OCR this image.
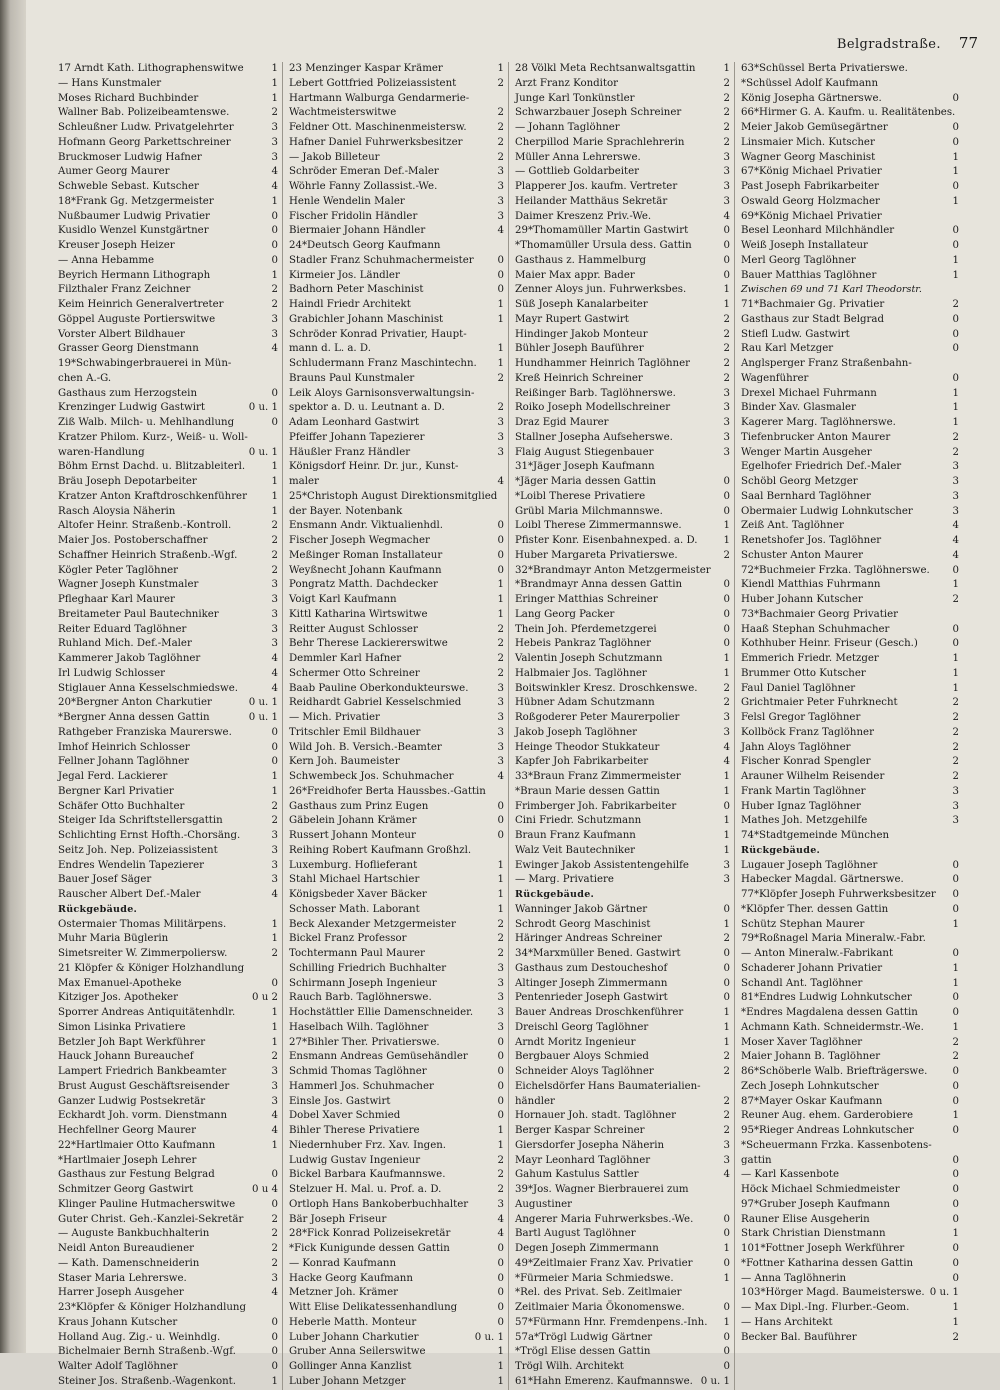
Belgradstraße. 77
17 Arndt Kath. Lithographenswitwe	1
— Hans Kunstmaler	1
Moses Richard Buchbinder	1
Wallner Bab. Polizeibeamtenswe.	2
Schleußner Ludw. Privatgelehrter	3
Hofmann Georg Parkettschreiner	3
Bruckmoser Ludwig Hafner	3
Aumer Georg Maurer	4
Schweble Sebast. Kutscher	4
18*Frank Gg. Metzgermeister	1
Nußbaumer Ludwig Privatier	0
Kusidlo Wenzel Kunstgärtner	0
Kreuser Joseph Heizer	0
— Anna Hebamme	0
Beyrich Hermann Lithograph	1
Filzthaler Franz Zeichner	2
Keim Heinrich Generalvertreter	2
Göppel Auguste Portierswitwe	3
Vorster Albert Bildhauer	3
Grasser Georg Dienstmann	4
19*Schwabingerbrauerei in Mün-
chen A.-G.
Gasthaus zum Herzogstein	0
Krenzinger Ludwig Gastwirt	0 u. 1
Ziß Walb. Milch- u. Mehlhandlung	0
Kratzer Philom. Kurz-, Weiß- u. Woll-
waren-Handlung	0 u. 1
Böhm Ernst Dachd. u. Blitzableiterl.	1
Bräu Joseph Depotarbeiter	1
Kratzer Anton Kraftdroschkenführer	1
Rasch Aloysia Näherin	1
Altofer Heinr. Straßenb.-Kontroll.	2
Maier Jos. Postoberschaffner	2
Schaffner Heinrich Straßenb.-Wgf.	2
Kögler Peter Taglöhner	2
Wagner Joseph Kunstmaler	3
Pfleghaar Karl Maurer	3
Breitameter Paul Bautechniker	3
Reiter Eduard Taglöhner	3
Ruhland Mich. Def.-Maler	3
Kammerer Jakob Taglöhner	4
Irl Ludwig Schlosser	4
Stiglauer Anna Kesselschmiedswe.	4
20*Bergner Anton Charkutier	0 u. 1
*Bergner Anna dessen Gattin	0 u. 1
Rathgeber Franziska Maurerswe.	0
Imhof Heinrich Schlosser	0
Fellner Johann Taglöhner	0
Jegal Ferd. Lackierer	1
Bergner Karl Privatier	1
Schäfer Otto Buchhalter	2
Steiger Ida Schriftstellersgattin	2
Schlichting Ernst Hofth.-Chorsäng.	3
Seitz Joh. Nep. Polizeiassistent	3
Endres Wendelin Tapezierer	3
Bauer Josef Säger	3
Rauscher Albert Def.-Maler	4
Rückgebäude.
Ostermaier Thomas Militärpens.	1
Muhr Maria Büglerin	1
Simetsreiter W. Zimmerpoliersw.	2
21 Klöpfer & Königer Holzhandlung
Max Emanuel-Apotheke	0
Kitziger Jos. Apotheker	0 u 2
Sporrer Andreas Antiquitätenhdlr.	1
Simon Lisinka Privatiere	1
Betzler Joh Bapt Werkführer	1
Hauck Johann Bureauchef	2
Lampert Friedrich Bankbeamter	3
Brust August Geschäftsreisender	3
Ganzer Ludwig Postsekretär	3
Eckhardt Joh. vorm. Dienstmann	4
Hechfellner Georg Maurer	4
22*Hartlmaier Otto Kaufmann	1
*Hartlmaier Joseph Lehrer
Gasthaus zur Festung Belgrad	0
Schmitzer Georg Gastwirt	0 u 4
Klinger Pauline Hutmacherswitwe	0
Guter Christ. Geh.-Kanzlei-Sekretär	2
— Auguste Bankbuchhalterin	2
Neidl Anton Bureaudiener	2
— Kath. Damenschneiderin	2
Staser Maria Lehrerswe.	3
Harrer Joseph Ausgeher	4
23*Klöpfer & Königer Holzhandlung
Kraus Johann Kutscher	0
Holland Aug. Zig.- u. Weinhdlg.	0
Bichelmaier Bernh Straßenb.-Wgf.	0
Walter Adolf Taglöhner	0
Steiner Jos. Straßenb.-Wagenkont.	1
23 Menzinger Kaspar Krämer	1
Lebert Gottfried Polizeiassistent	2
Hartmann Walburga Gendarmerie-
Wachtmeisterswitwe	2
Feldner Ott. Maschinenmeistersw.	2
Hafner Daniel Fuhrwerksbesitzer	2
— Jakob Billeteur	2
Schröder Emeran Def.-Maler	3
Wöhrle Fanny Zollassist.-We.	3
Henle Wendelin Maler	3
Fischer Fridolin Händler	3
Biermaier Johann Händler	4
24*Deutsch Georg Kaufmann
Stadler Franz Schuhmachermeister	0
Kirmeier Jos. Ländler	0
Badhorn Peter Maschinist	0
Haindl Friedr Architekt	1
Grabichler Johann Maschinist	1
Schröder Konrad Privatier, Haupt-
mann d. L. a. D.	1
Schludermann Franz Maschintechn.	1
Brauns Paul Kunstmaler	2
Leik Aloys Garnisonsverwaltungsin-
spektor a. D. u. Leutnant a. D.	2
Adam Leonhard Gastwirt	3
Pfeiffer Johann Tapezierer	3
Häußler Franz Händler	3
Königsdorf Heinr. Dr. jur., Kunst-
maler	4
25*Christoph August Direktionsmitglied
der Bayer. Notenbank
Ensmann Andr. Viktualienhdl.	0
Fischer Joseph Wegmacher	0
Meßinger Roman Installateur	0
Weyßnecht Johann Kaufmann	0
Pongratz Matth. Dachdecker	1
Voigt Karl Kaufmann	1
Kittl Katharina Wirtswitwe	1
Reitter August Schlosser	2
Behr Therese Lackiererswitwe	2
Demmler Karl Hafner	2
Schermer Otto Schreiner	2
Baab Pauline Oberkondukteurswe.	3
Reidhardt Gabriel Kesselschmied	3
— Mich. Privatier	3
Tritschler Emil Bildhauer	3
Wild Joh. B. Versich.-Beamter	3
Kern Joh. Baumeister	3
Schwembeck Jos. Schuhmacher	4
26*Freidhofer Berta Haussbes.-Gattin
Gasthaus zum Prinz Eugen	0
Gäbelein Johann Krämer	0
Russert Johann Monteur	0
Reihing Robert Kaufmann Großhzl.
Luxemburg. Hoflieferant	1
Stahl Michael Hartschier	1
Königsbeder Xaver Bäcker	1
Schosser Math. Laborant	1
Beck Alexander Metzgermeister	2
Bickel Franz Professor	2
Tochtermann Paul Maurer	2
Schilling Friedrich Buchhalter	3
Schirmann Joseph Ingenieur	3
Rauch Barb. Taglöhnerswe.	3
Hochstättler Ellie Damenschneider.	3
Haselbach Wilh. Taglöhner	3
27*Bihler Ther. Privatierswe.	0
Ensmann Andreas Gemüsehändler	0
Schmid Thomas Taglöhner	0
Hammerl Jos. Schuhmacher	0
Einsle Jos. Gastwirt	0
Dobel Xaver Schmied	0
Bihler Therese Privatiere	1
Niedernhuber Frz. Xav. Ingen.	1
Ludwig Gustav Ingenieur	2
Bickel Barbara Kaufmannswe.	2
Stelzuer H. Mal. u. Prof. a. D.	2
Ortloph Hans Bankoberbuchhalter	3
Bär Joseph Friseur	4
28*Fick Konrad Polizeisekretär	4
*Fick Kunigunde dessen Gattin	0
— Konrad Kaufmann	0
Hacke Georg Kaufmann	0
Metzner Joh. Krämer	0
Witt Elise Delikatessenhandlung	0
Heberle Matth. Monteur	0
Luber Johann Charkutier	0 u. 1
Gruber Anna Seilerswitwe	1
Gollinger Anna Kanzlist	1
Luber Johann Metzger	1
28 Völkl Meta Rechtsanwaltsgattin	1
Arzt Franz Konditor	2
Junge Karl Tonkünstler	2
Schwarzbauer Joseph Schreiner	2
— Johann Taglöhner	2
Cherpillod Marie Sprachlehrerin	2
Müller Anna Lehrerswe.	3
— Gottlieb Goldarbeiter	3
Plapperer Jos. kaufm. Vertreter	3
Heilander Matthäus Sekretär	3
Daimer Kreszenz Priv.-We.	4
29*Thomamüller Martin Gastwirt	0
*Thomamüller Ursula dess. Gattin	0
Gasthaus z. Hammelburg	0
Maier Max appr. Bader	0
Zenner Aloys jun. Fuhrwerksbes.	1
Süß Joseph Kanalarbeiter	1
Mayr Rupert Gastwirt	2
Hindinger Jakob Monteur	2
Bühler Joseph Bauführer	2
Hundhammer Heinrich Taglöhner	2
Kreß Heinrich Schreiner	2
Reißinger Barb. Taglöhnerswe.	3
Roiko Joseph Modellschreiner	3
Draz Egid Maurer	3
Stallner Josepha Aufseherswe.	3
Flaig August Stiegenbauer	3
31*Jäger Joseph Kaufmann
*Jäger Maria dessen Gattin	0
*Loibl Therese Privatiere	0
Grübl Maria Milchmannswe.	0
Loibl Therese Zimmermannswe.	1
Pfister Konr. Eisenbahnexped. a. D.	1
Huber Margareta Privatierswe.	2
32*Brandmayr Anton Metzgermeister
*Brandmayr Anna dessen Gattin	0
Eringer Matthias Schreiner	0
Lang Georg Packer	0
Thein Joh. Pferdemetzgerei	0
Hebeis Pankraz Taglöhner	0
Valentin Joseph Schutzmann	1
Halbmaier Jos. Taglöhner	1
Boitswinkler Kresz. Droschkenswe.	2
Hübner Adam Schutzmann	2
Roßgoderer Peter Maurerpolier	3
Jakob Joseph Taglöhner	3
Heinge Theodor Stukkateur	4
Kapfer Joh Fabrikarbeiter	4
33*Braun Franz Zimmermeister	1
*Braun Marie dessen Gattin	1
Frimberger Joh. Fabrikarbeiter	0
Cini Friedr. Schutzmann	1
Braun Franz Kaufmann	1
Walz Veit Bautechniker	1
Ewinger Jakob Assistentengehilfe	3
— Marg. Privatiere	3
Rückgebäude.
Wanninger Jakob Gärtner	0
Schrodt Georg Maschinist	1
Häringer Andreas Schreiner	2
34*Marxmüller Bened. Gastwirt	0
Gasthaus zum Destoucheshof	0
Altinger Joseph Zimmermann	0
Pentenrieder Joseph Gastwirt	0
Bauer Andreas Droschkenführer	1
Dreischl Georg Taglöhner	1
Arndt Moritz Ingenieur	1
Bergbauer Aloys Schmied	2
Schneider Aloys Taglöhner	2
Eichelsdörfer Hans Baumaterialien-
händler	2
Hornauer Joh. stadt. Taglöhner	2
Berger Kaspar Schreiner	2
Giersdorfer Josepha Näherin	3
Mayr Leonhard Taglöhner	3
Gahum Kastulus Sattler	4
39*Jos. Wagner Bierbrauerei zum
Augustiner
Angerer Maria Fuhrwerksbes.-We.	0
Bartl August Taglöhner	0
Degen Joseph Zimmermann	1
49*Zeitlmaier Franz Xav. Privatier	0
*Fürmeier Maria Schmiedswe.	1
*Rel. des Privat. Seb. Zeitlmaier
Zeitlmaier Maria Ökonomenswe.	0
57*Fürmann Hnr. Fremdenpens.-Inh.	1
57a*Trögl Ludwig Gärtner	0
*Trögl Elise dessen Gattin	0
Trögl Wilh. Architekt	0
61*Hahn Emerenz. Kaufmannswe. 0 u. 1
63*Schüssel Berta Privatierswe.
*Schüssel Adolf Kaufmann
König Josepha Gärtnerswe.	0
66*Hirmer G. A. Kaufm. u. Realitätenbes.
Meier Jakob Gemüsegärtner	0
Linsmaier Mich. Kutscher	0
Wagner Georg Maschinist	1
67*König Michael Privatier	1
Past Joseph Fabrikarbeiter	0
Oswald Georg Holzmacher	1
69*König Michael Privatier
Besel Leonhard Milchhändler	0
Weiß Joseph Installateur	0
Merl Georg Taglöhner	1
Bauer Matthias Taglöhner	1
Zwischen 69 und 71 Karl Theodorstr.
71*Bachmaier Gg. Privatier	2
Gasthaus zur Stadt Belgrad	0
Stiefl Ludw. Gastwirt	0
Rau Karl Metzger	0
Anglsperger Franz Straßenbahn-
Wagenführer	0
Drexel Michael Fuhrmann	1
Binder Xav. Glasmaler	1
Kagerer Marg. Taglöhnerswe.	1
Tiefenbrucker Anton Maurer	2
Wenger Martin Ausgeher	2
Egelhofer Friedrich Def.-Maler	3
Schöbl Georg Metzger	3
Saal Bernhard Taglöhner	3
Obermaier Ludwig Lohnkutscher	3
Zeiß Ant. Taglöhner	4
Renetshofer Jos. Taglöhner	4
Schuster Anton Maurer	4
72*Buchmeier Frzka. Taglöhnerswe.	0
Kiendl Matthias Fuhrmann	1
Huber Johann Kutscher	2
73*Bachmaier Georg Privatier
Haaß Stephan Schuhmacher	0
Kothhuber Heinr. Friseur (Gesch.)	0
Emmerich Friedr. Metzger	1
Brummer Otto Kutscher	1
Faul Daniel Taglöhner	1
Grichtmaier Peter Fuhrknecht	2
Felsl Gregor Taglöhner	2
Kollböck Franz Taglöhner	2
Jahn Aloys Taglöhner	2
Fischer Konrad Spengler	2
Arauner Wilhelm Reisender	2
Frank Martin Taglöhner	3
Huber Ignaz Taglöhner	3
Mathes Joh. Metzgehilfe	3
74*Stadtgemeinde München
Rückgebäude.
Lugauer Joseph Taglöhner	0
Habecker Magdal. Gärtnerswe.	0
77*Klöpfer Joseph Fuhrwerksbesitzer	0
*Klöpfer Ther. dessen Gattin	0
Schütz Stephan Maurer	1
79*Roßnagel Maria Mineralw.-Fabr.
— Anton Mineralw.-Fabrikant	0
Schaderer Johann Privatier	1
Schandl Ant. Taglöhner	1
81*Endres Ludwig Lohnkutscher	0
*Endres Magdalena dessen Gattin	0
Achmann Kath. Schneidermstr.-We.	1
Moser Xaver Taglöhner	2
Maier Johann B. Taglöhner	2
86*Schöberle Walb. Briefträgerswe.	0
Zech Joseph Lohnkutscher	0
87*Mayer Oskar Kaufmann	0
Reuner Aug. ehem. Garderobiere	1
95*Rieger Andreas Lohnkutscher	0
*Scheuermann Frzka. Kassenbotens-
gattin	0
— Karl Kassenbote	0
Höck Michael Schmiedmeister	0
97*Gruber Joseph Kaufmann	0
Rauner Elise Ausgeherin	0
Stark Christian Dienstmann	1
101*Fottner Joseph Werkführer	0
*Fottner Katharina dessen Gattin	0
— Anna Taglöhnerin	0
103*Hörger Magd. Baumeisterswe. 0 u. 1
— Max Dipl.-Ing. Flurber.-Geom.	1
— Hans Architekt	1
Becker Bal. Bauführer	2
